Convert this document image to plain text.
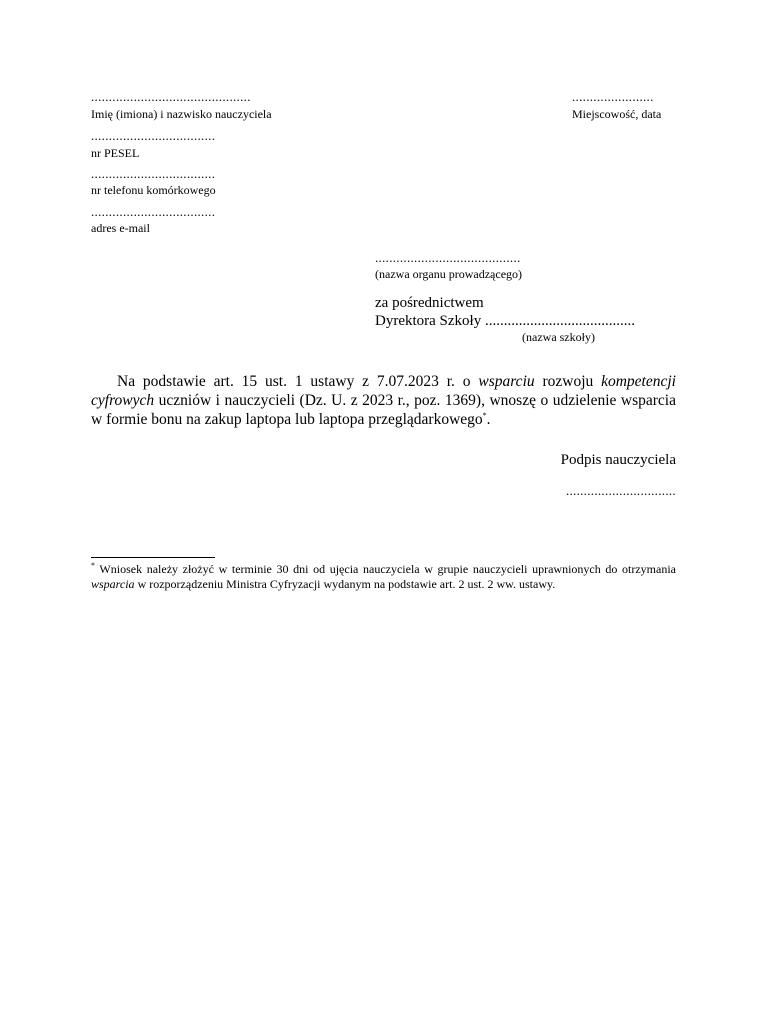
.............................................
Imię (imiona) i nazwisko nauczyciela
...................................
nr PESEL
...................................
nr telefonu komórkowego
...................................
adres e-mail
.......................
Miejscowość, data
.........................................
(nazwa organu prowadzącego)
za pośrednictwem
Dyrektora Szkoły ........................................
(nazwa szkoły)
Na podstawie art. 15 ust. 1 ustawy z 7.07.2023 r. o wsparciu rozwoju kompetencji cyfrowych uczniów i nauczycieli (Dz. U. z 2023 r., poz. 1369), wnoszę o udzielenie wsparcia w formie bonu na zakup laptopa lub laptopa przeglądarkowego*.
Podpis nauczyciela
...............................
* Wniosek należy złożyć w terminie 30 dni od ujęcia nauczyciela w grupie nauczycieli uprawnionych do otrzymania wsparcia w rozporządzeniu Ministra Cyfryzacji wydanym na podstawie art. 2 ust. 2 ww. ustawy.
